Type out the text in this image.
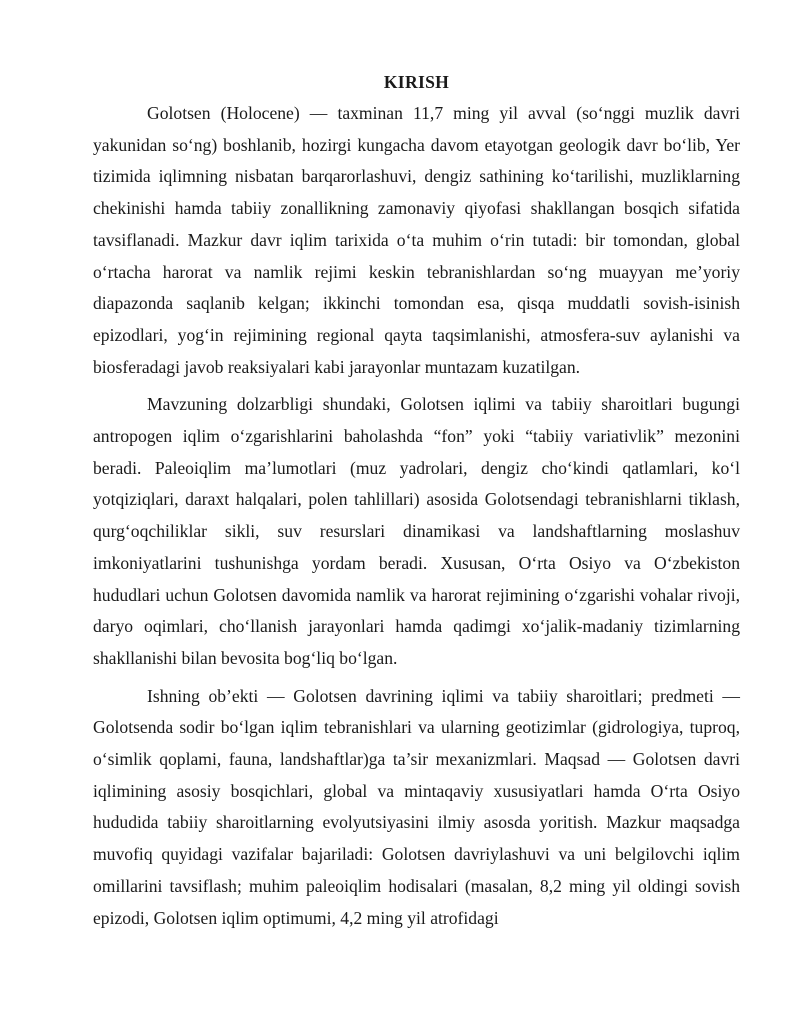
KIRISH

Golotsen (Holocene) — taxminan 11,7 ming yil avval (so‘nggi muzlik davri yakunidan so‘ng) boshlanib, hozirgi kungacha davom etayotgan geologik davr bo‘lib, Yer tizimida iqlimning nisbatan barqarorlashuvi, dengiz sathining ko‘tarilishi, muzliklarning chekinishi hamda tabiiy zonallikning zamonaviy qiyofasi shakllangan bosqich sifatida tavsiflanadi. Mazkur davr iqlim tarixida o‘ta muhim o‘rin tutadi: bir tomondan, global o‘rtacha harorat va namlik rejimi keskin tebranishlardan so‘ng muayyan me’yoriy diapazonda saqlanib kelgan; ikkinchi tomondan esa, qisqa muddatli sovish-isinish epizodlari, yog‘in rejimining regional qayta taqsimlanishi, atmosfera-suv aylanishi va biosferadagi javob reaksiyalari kabi jarayonlar muntazam kuzatilgan.

Mavzuning dolzarbligi shundaki, Golotsen iqlimi va tabiiy sharoitlari bugungi antropogen iqlim o‘zgarishlarini baholashda “fon” yoki “tabiiy variativlik” mezonini beradi. Paleoiqlim ma’lumotlari (muz yadrolari, dengiz cho‘kindi qatlamlari, ko‘l yotqiziqlari, daraxt halqalari, polen tahlillari) asosida Golotsendagi tebranishlarni tiklash, qurg‘oqchiliklar sikli, suv resurslari dinamikasi va landshaftlarning moslashuv imkoniyatlarini tushunishga yordam beradi. Xususan, O‘rta Osiyo va O‘zbekiston hududlari uchun Golotsen davomida namlik va harorat rejimining o‘zgarishi vohalar rivoji, daryo oqimlari, cho‘llanish jarayonlari hamda qadimgi xo‘jalik-madaniy tizimlarning shakllanishi bilan bevosita bog‘liq bo‘lgan.

Ishning ob’ekti — Golotsen davrining iqlimi va tabiiy sharoitlari; predmeti — Golotsenda sodir bo‘lgan iqlim tebranishlari va ularning geotizimlar (gidrologiya, tuproq, o‘simlik qoplami, fauna, landshaftlar)ga ta’sir mexanizmlari. Maqsad — Golotsen davri iqlimining asosiy bosqichlari, global va mintaqaviy xususiyatlari hamda O‘rta Osiyo hududida tabiiy sharoitlarning evolyutsiyasini ilmiy asosda yoritish. Mazkur maqsadga muvofiq quyidagi vazifalar bajariladi: Golotsen davriylashuvi va uni belgilovchi iqlim omillarini tavsiflash; muhim paleoiqlim hodisalari (masalan, 8,2 ming yil oldingi sovish epizodi, Golotsen iqlim optimumi, 4,2 ming yil atrofidagi
